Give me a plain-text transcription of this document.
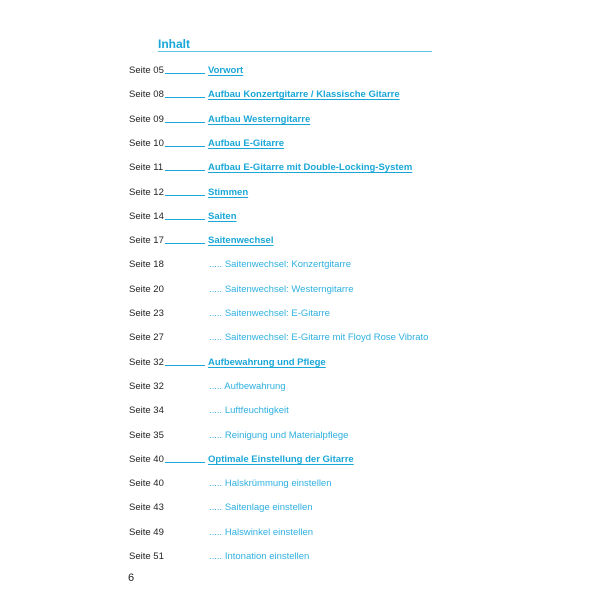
Inhalt
Seite 05	Vorwort
Seite 08	Aufbau Konzertgitarre / Klassische Gitarre
Seite 09	Aufbau Westerngitarre
Seite 10	Aufbau E-Gitarre
Seite 11	Aufbau E-Gitarre mit Double-Locking-System
Seite 12	Stimmen
Seite 14	Saiten
Seite 17	Saitenwechsel
Seite 18	..... Saitenwechsel: Konzertgitarre
Seite 20	..... Saitenwechsel: Westerngitarre
Seite 23	..... Saitenwechsel: E-Gitarre
Seite 27	..... Saitenwechsel: E-Gitarre mit Floyd Rose Vibrato
Seite 32	Aufbewahrung und Pflege
Seite 32	..... Aufbewahrung
Seite 34	..... Luftfeuchtigkeit
Seite 35	..... Reinigung und Materialpflege
Seite 40	Optimale Einstellung der Gitarre
Seite 40	..... Halskrümmung einstellen
Seite 43	..... Saitenlage einstellen
Seite 49	..... Halswinkel einstellen
Seite 51	..... Intonation einstellen

6
